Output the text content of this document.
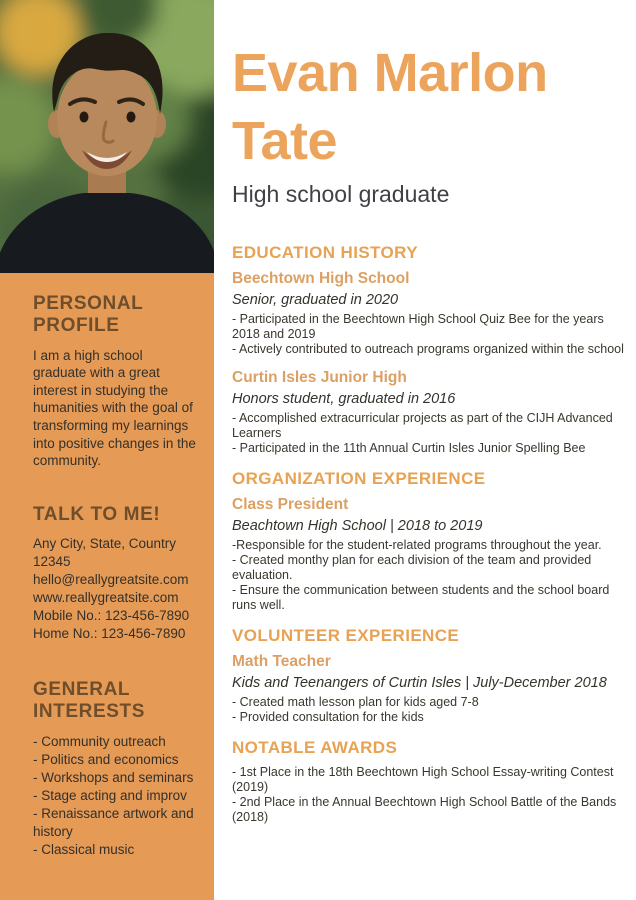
PERSONAL PROFILE

I am a high school graduate with a great interest in studying the humanities with the goal of transforming my learnings into positive changes in the community.

TALK TO ME!
Any City, State, Country
12345
hello@reallygreatsite.com
www.reallygreatsite.com
Mobile No.: 123-456-7890
Home No.: 123-456-7890
GENERAL INTERESTS
- Community outreach
- Politics and economics
- Workshops and seminars
- Stage acting and improv
- Renaissance artwork and history
- Classical music
Evan Marlon Tate
High school graduate
EDUCATION HISTORY
Beechtown High School
Senior, graduated in 2020
- Participated in the Beechtown High School Quiz Bee for the years 2018 and 2019
- Actively contributed to outreach programs organized within the school
Curtin Isles Junior High
Honors student, graduated in 2016
- Accomplished extracurricular projects as part of the CIJH Advanced Learners
- Participated in the 11th Annual Curtin Isles Junior Spelling Bee
ORGANIZATION EXPERIENCE
Class President
Beachtown High School | 2018 to 2019
-Responsible for the student-related programs throughout the year.
- Created monthy plan for each division of the team and provided evaluation.
- Ensure the communication between students and the school board runs well.
VOLUNTEER EXPERIENCE
Math Teacher
Kids and Teenangers of Curtin Isles | July-December 2018
- Created math lesson plan for kids aged 7-8
- Provided consultation for the kids
NOTABLE AWARDS
- 1st Place in the 18th Beechtown High School Essay-writing Contest (2019)
- 2nd Place in the Annual Beechtown High School Battle of the Bands (2018)
